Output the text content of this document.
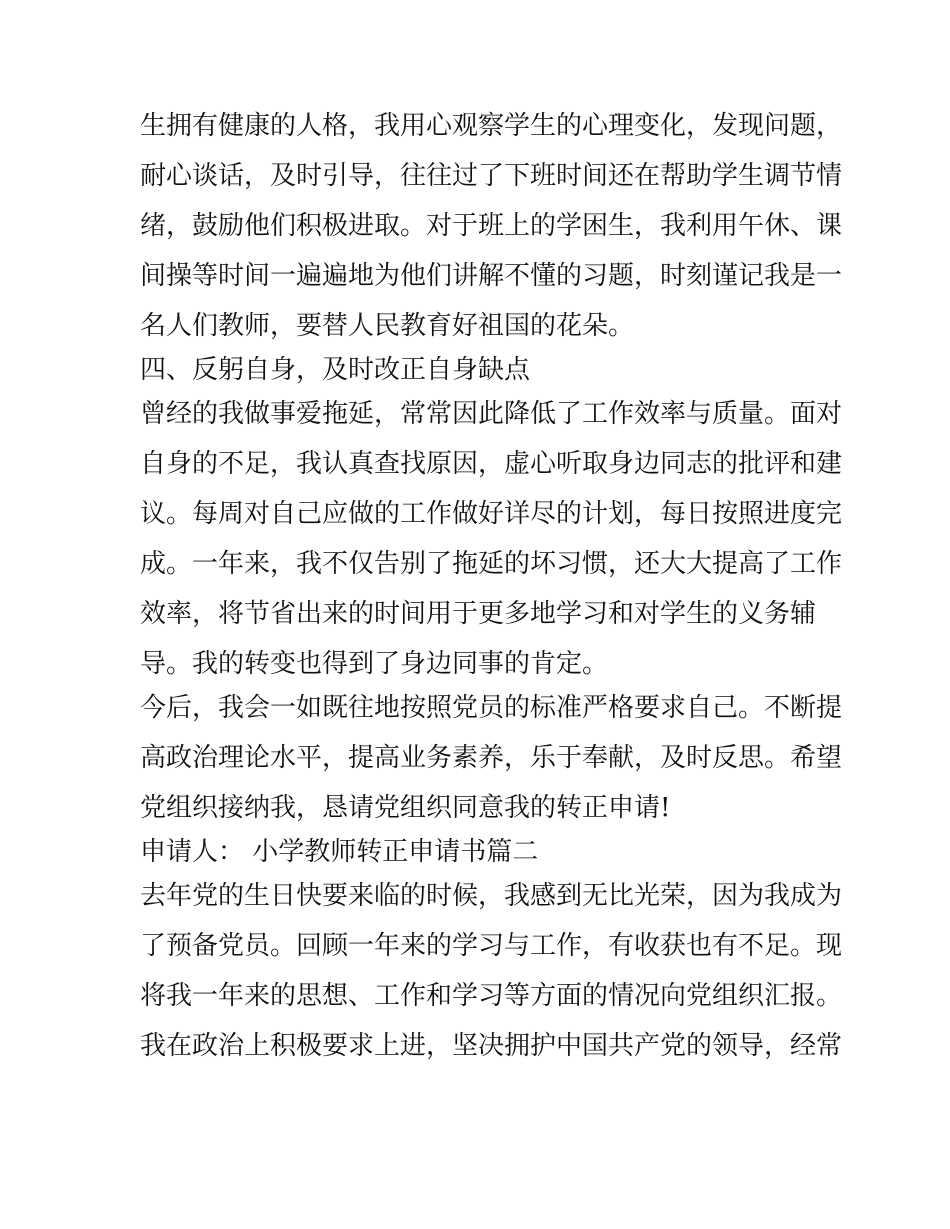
生拥有健康的人格，我用心观察学生的心理变化，发现问题，
耐心谈话，及时引导，往往过了下班时间还在帮助学生调节情
绪，鼓励他们积极进取。对于班上的学困生，我利用午休、课
间操等时间一遍遍地为他们讲解不懂的习题，时刻谨记我是一
名人们教师，要替人民教育好祖国的花朵。
四、反躬自身，及时改正自身缺点
曾经的我做事爱拖延，常常因此降低了工作效率与质量。面对
自身的不足，我认真查找原因，虚心听取身边同志的批评和建
议。每周对自己应做的工作做好详尽的计划，每日按照进度完
成。一年来，我不仅告别了拖延的坏习惯，还大大提高了工作
效率，将节省出来的时间用于更多地学习和对学生的义务辅
导。我的转变也得到了身边同事的肯定。
今后，我会一如既往地按照党员的标准严格要求自己。不断提
高政治理论水平，提高业务素养，乐于奉献，及时反思。希望
党组织接纳我，恳请党组织同意我的转正申请!
申请人： 小学教师转正申请书篇二
去年党的生日快要来临的时候，我感到无比光荣，因为我成为
了预备党员。回顾一年来的学习与工作，有收获也有不足。现
将我一年来的思想、工作和学习等方面的情况向党组织汇报。
我在政治上积极要求上进，坚决拥护中国共产党的领导，经常
